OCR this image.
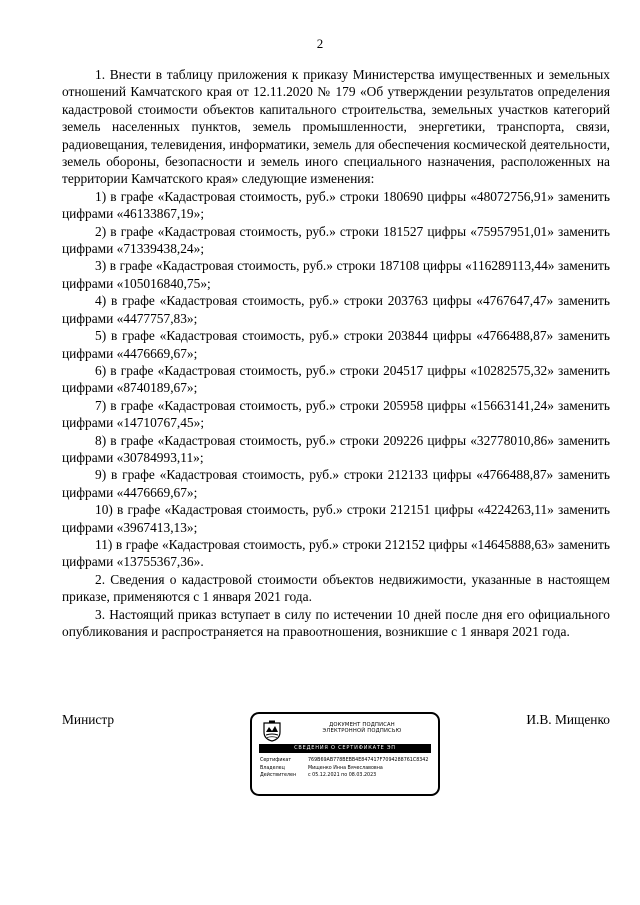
2

1. Внести в таблицу приложения к приказу Министерства имущественных и земельных отношений Камчатского края от 12.11.2020 № 179 «Об утверждении результатов определения кадастровой стоимости объектов капитального строительства, земельных участков категорий земель населенных пунктов, земель промышленности, энергетики, транспорта, связи, радиовещания, телевидения, информатики, земель для обеспечения космической деятельности, земель обороны, безопасности и земель иного специального назначения, расположенных на территории Камчатского края» следующие изменения:

1) в графе «Кадастровая стоимость, руб.» строки 180690 цифры «48072756,91» заменить цифрами «46133867,19»;

2) в графе «Кадастровая стоимость, руб.» строки 181527 цифры «75957951,01» заменить цифрами «71339438,24»;

3) в графе «Кадастровая стоимость, руб.» строки 187108 цифры «116289113,44» заменить цифрами «105016840,75»;

4) в графе «Кадастровая стоимость, руб.» строки 203763 цифры «4767647,47» заменить цифрами «4477757,83»;

5) в графе «Кадастровая стоимость, руб.» строки 203844 цифры «4766488,87» заменить цифрами «4476669,67»;

6) в графе «Кадастровая стоимость, руб.» строки 204517 цифры «10282575,32» заменить цифрами «8740189,67»;

7) в графе «Кадастровая стоимость, руб.» строки 205958 цифры «15663141,24» заменить цифрами «14710767,45»;

8) в графе «Кадастровая стоимость, руб.» строки 209226 цифры «32778010,86» заменить цифрами «30784993,11»;

9) в графе «Кадастровая стоимость, руб.» строки 212133 цифры «4766488,87» заменить цифрами «4476669,67»;

10) в графе «Кадастровая стоимость, руб.» строки 212151 цифры «4224263,11» заменить цифрами «3967413,13»;

11) в графе «Кадастровая стоимость, руб.» строки 212152 цифры «14645888,63» заменить цифрами «13755367,36».

2. Сведения о кадастровой стоимости объектов недвижимости, указанные в настоящем приказе, применяются с 1 января 2021 года.

3. Настоящий приказ вступает в силу по истечении 10 дней после дня его официального опубликования и распространяется на правоотношения, возникшие с 1 января 2021 года.

Министр	И.В. Мищенко
ДОКУМЕНТ ПОДПИСАН
ЭЛЕКТРОННОЙ ПОДПИСЬЮ
СВЕДЕНИЯ О СЕРТИФИКАТЕ ЭП
Сертификат	769B69AB778BEBB4E847417F7094288761C8342
Владелец	Мищенко Инна Вячеславовна
Действителен	с 05.12.2021 по 08.03.2023
